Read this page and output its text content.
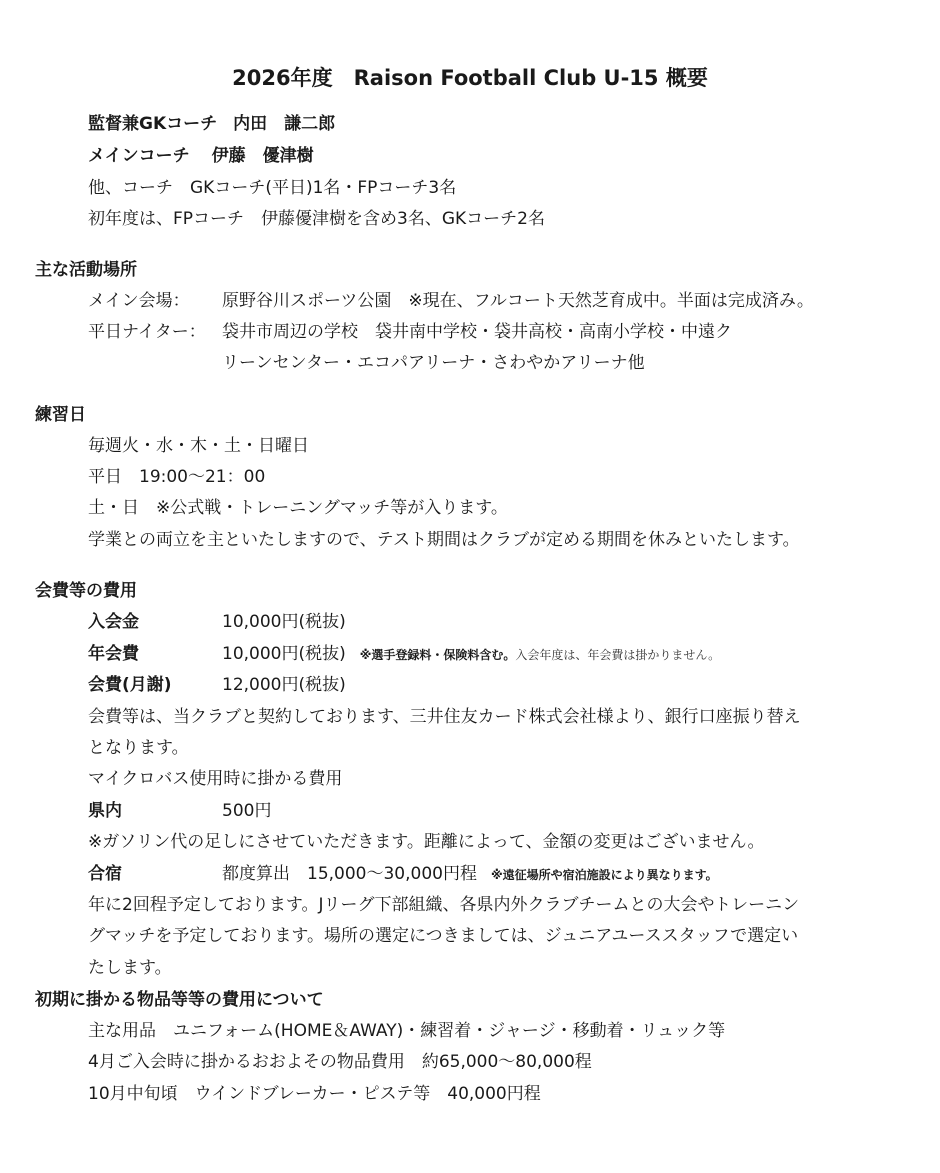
2026年度　Raison Football Club U-15 概要
監督兼GKコーチ 内田　謙二郎
メインコーチ 伊藤　優津樹
他、コーチ　GKコーチ(平日)1名・FPコーチ3名
初年度は、FPコーチ　伊藤優津樹を含め3名、GKコーチ2名
主な活動場所
メイン会場： 原野谷川スポーツ公園　※現在、フルコート天然芝育成中。半面は完成済み。
平日ナイター： 袋井市周辺の学校　袋井南中学校・袋井高校・高南小学校・中遠ク
リーンセンター・エコパアリーナ・さわやかアリーナ他
練習日
毎週火・水・木・土・日曜日
平日　19:00～21：00
土・日　※公式戦・トレーニングマッチ等が入ります。
学業との両立を主といたしますので、テスト期間はクラブが定める期間を休みといたします。
会費等の費用
入会金	10,000円(税抜)
年会費	10,000円(税抜) ※選手登録料・保険料含む。入会年度は、年会費は掛かりません。
会費(月謝)	12,000円(税抜)
会費等は、当クラブと契約しております、三井住友カード株式会社様より、銀行口座振り替え
となります。
マイクロバス使用時に掛かる費用
県内	500円
※ガソリン代の足しにさせていただきます。距離によって、金額の変更はございません。
合宿	都度算出　15,000～30,000円程 ※遠征場所や宿泊施設により異なります。
年に2回程予定しております。Jリーグ下部組織、各県内外クラブチームとの大会やトレーニン
グマッチを予定しております。場所の選定につきましては、ジュニアユーススタッフで選定い
たします。
初期に掛かる物品等等の費用について
主な用品　ユニフォーム(HOME＆AWAY)・練習着・ジャージ・移動着・リュック等
4月ご入会時に掛かるおおよその物品費用　約65,000～80,000程
10月中旬頃　ウインドブレーカー・ピステ等　40,000円程
